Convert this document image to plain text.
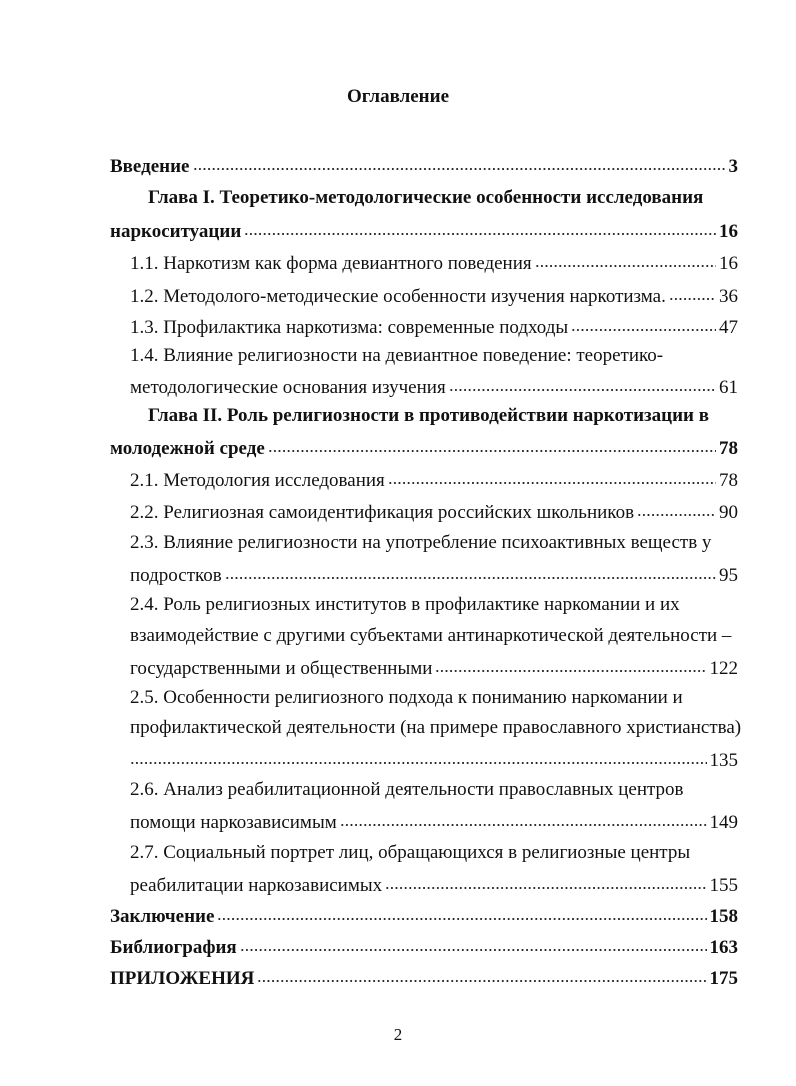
Оглавление
Введение	3
Глава I. Теоретико-методологические особенности исследования
наркоситуации	16
1.1. Наркотизм как форма девиантного поведения	16
1.2. Методолого-методические особенности изучения наркотизма.	36
1.3. Профилактика наркотизма: современные подходы	47
1.4. Влияние религиозности на девиантное поведение: теоретико-
методологические основания изучения	61
Глава II. Роль религиозности в противодействии наркотизации в
молодежной среде	78
2.1. Методология исследования	78
2.2. Религиозная самоидентификация российских школьников	90
2.3. Влияние религиозности на употребление психоактивных веществ у
подростков	95
2.4. Роль религиозных институтов в профилактике наркомании и их
взаимодействие с другими субъектами антинаркотической деятельности –
государственными и общественными	122
2.5. Особенности религиозного подхода к пониманию наркомании и
профилактической деятельности (на примере православного христианства)
135
2.6. Анализ реабилитационной деятельности православных центров
помощи наркозависимым	149
2.7. Социальный портрет лиц, обращающихся в религиозные центры
реабилитации наркозависимых	155
Заключение	158
Библиография	163
ПРИЛОЖЕНИЯ	175
2
